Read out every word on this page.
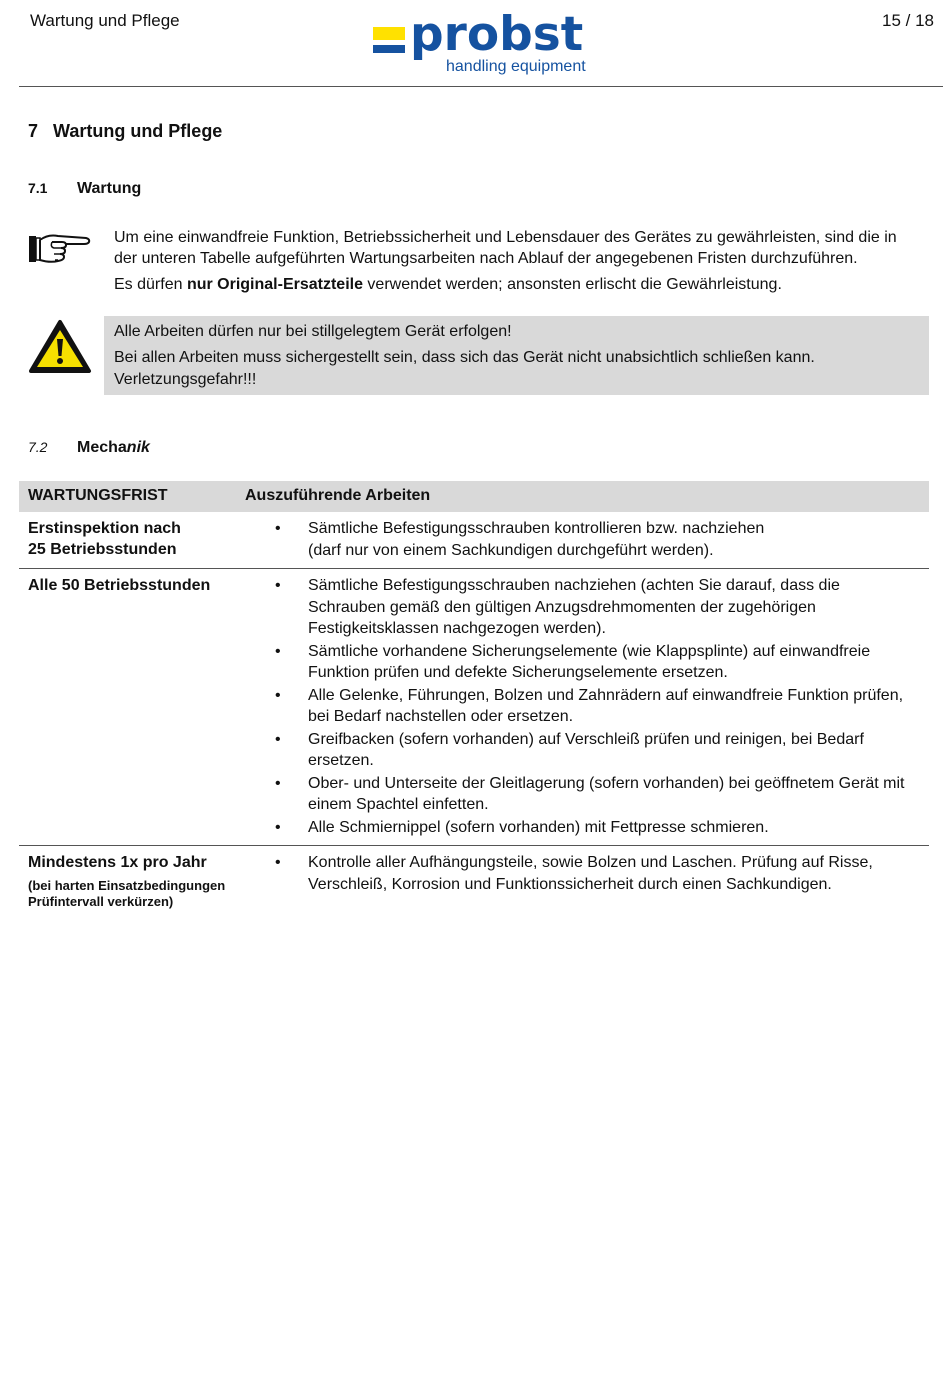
Wartung und Pflege	probst
handling equipment
15 / 18
7 Wartung und Pflege
7.1 Wartung
Um eine einwandfreie Funktion, Betriebssicherheit und Lebensdauer des Gerätes zu gewährleisten, sind die in der unteren Tabelle aufgeführten Wartungsarbeiten nach Ablauf der angegebenen Fristen durchzuführen.
Es dürfen nur Original-Ersatzteile verwendet werden; ansonsten erlischt die Gewährleistung.
Alle Arbeiten dürfen nur bei stillgelegtem Gerät erfolgen!
Bei allen Arbeiten muss sichergestellt sein, dass sich das Gerät nicht unabsichtlich schließen kann.
Verletzungsgefahr!!!
7.2 Mechanik
WARTUNGSFRIST	Auszuführende Arbeiten
Erstinspektion nach
25 Betriebsstunden
• Sämtliche Befestigungsschrauben kontrollieren bzw. nachziehen
(darf nur von einem Sachkundigen durchgeführt werden).
Alle 50 Betriebsstunden
•	Sämtliche Befestigungsschrauben nachziehen (achten Sie darauf, dass die Schrauben gemäß den gültigen Anzugsdrehmomenten der zugehörigen Festigkeitsklassen nachgezogen werden).
• Sämtliche vorhandene Sicherungselemente (wie Klappsplinte) auf einwandfreie Funktion prüfen und defekte Sicherungselemente ersetzen.
• Alle Gelenke, Führungen, Bolzen und Zahnrädern auf einwandfreie Funktion prüfen, bei Bedarf nachstellen oder ersetzen.
• Greifbacken (sofern vorhanden) auf Verschleiß prüfen und reinigen, bei Bedarf ersetzen.
• Ober- und Unterseite der Gleitlagerung (sofern vorhanden) bei geöffnetem Gerät mit einem Spachtel einfetten.
• Alle Schmiernippel (sofern vorhanden) mit Fettpresse schmieren.
Mindestens 1x pro Jahr
(bei harten Einsatzbedingungen Prüfintervall verkürzen)
• Kontrolle aller Aufhängungsteile, sowie Bolzen und Laschen. Prüfung auf Risse, Verschleiß, Korrosion und Funktionssicherheit durch einen Sachkundigen.
